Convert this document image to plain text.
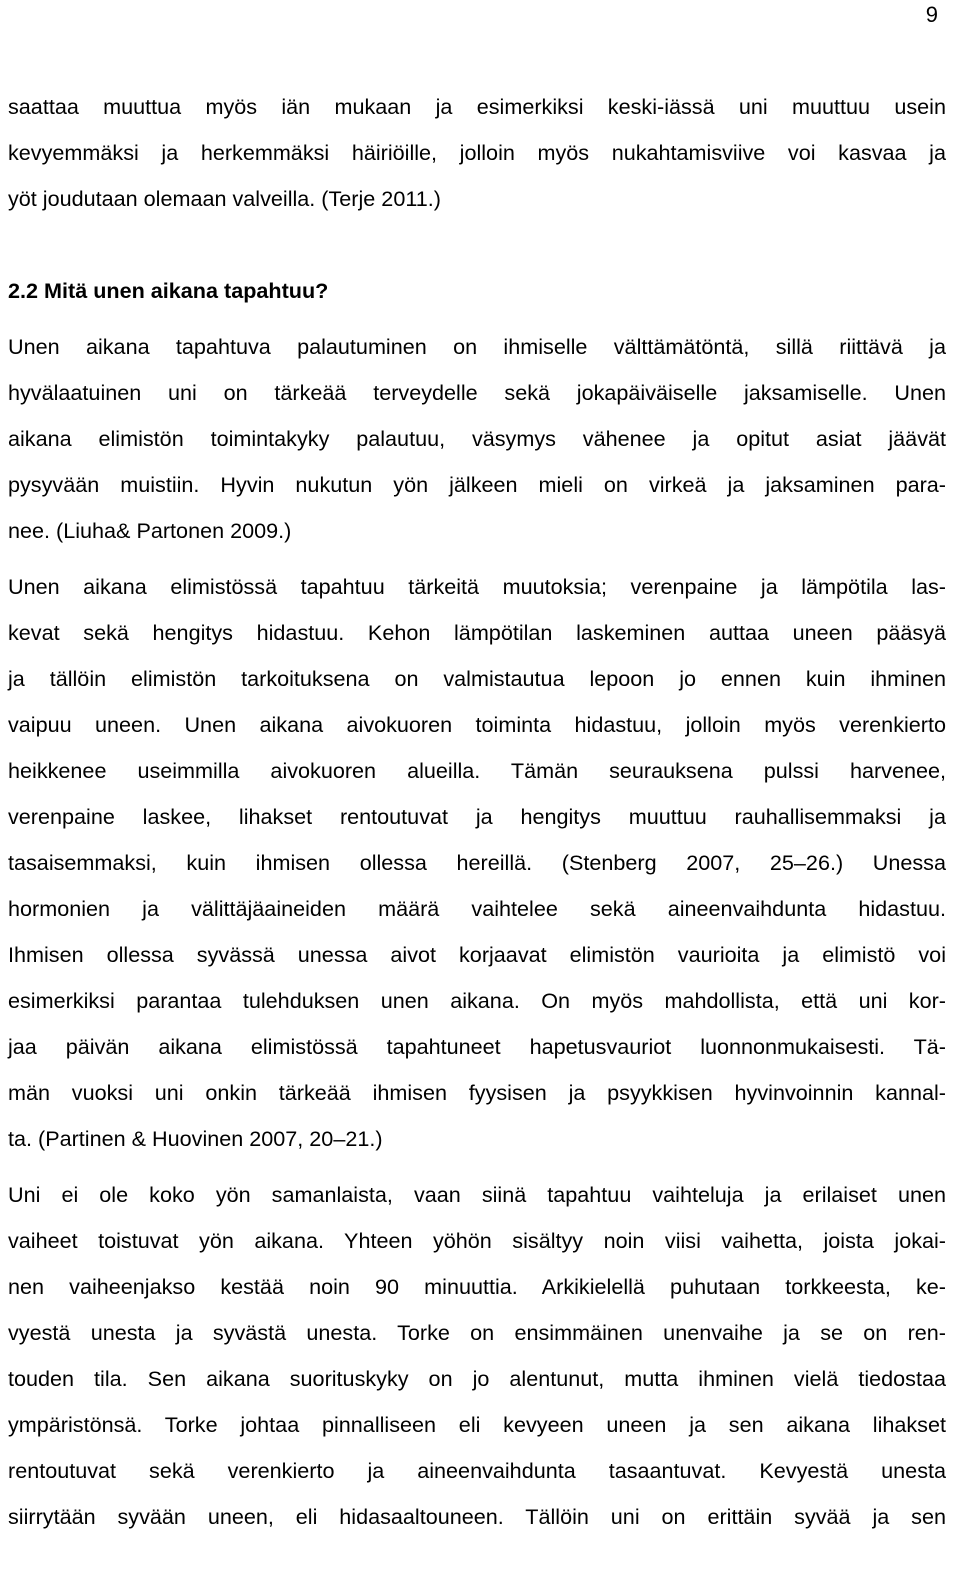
9
saattaa muuttua myös iän mukaan ja esimerkiksi keski-iässä uni muuttuu usein
kevyemmäksi ja herkemmäksi häiriöille, jolloin myös nukahtamisviive voi kasvaa ja
yöt joudutaan olemaan valveilla. (Terje 2011.)
2.2 Mitä unen aikana tapahtuu?
Unen aikana tapahtuva palautuminen on ihmiselle välttämätöntä, sillä riittävä ja
hyvälaatuinen uni on tärkeää terveydelle sekä jokapäiväiselle jaksamiselle. Unen
aikana elimistön toimintakyky palautuu, väsymys vähenee ja opitut asiat jäävät
pysyvään muistiin. Hyvin nukutun yön jälkeen mieli on virkeä ja jaksaminen para-
nee. (Liuha& Partonen 2009.)
Unen aikana elimistössä tapahtuu tärkeitä muutoksia; verenpaine ja lämpötila las-
kevat sekä hengitys hidastuu. Kehon lämpötilan laskeminen auttaa uneen pääsyä
ja tällöin elimistön tarkoituksena on valmistautua lepoon jo ennen kuin ihminen
vaipuu uneen. Unen aikana aivokuoren toiminta hidastuu, jolloin myös verenkierto
heikkenee useimmilla aivokuoren alueilla. Tämän seurauksena pulssi harvenee,
verenpaine laskee, lihakset rentoutuvat ja hengitys muuttuu rauhallisemmaksi ja
tasaisemmaksi, kuin ihmisen ollessa hereillä. (Stenberg 2007, 25–26.) Unessa
hormonien ja välittäjäaineiden määrä vaihtelee sekä aineenvaihdunta hidastuu.
Ihmisen ollessa syvässä unessa aivot korjaavat elimistön vaurioita ja elimistö voi
esimerkiksi parantaa tulehduksen unen aikana. On myös mahdollista, että uni kor-
jaa päivän aikana elimistössä tapahtuneet hapetusvauriot luonnonmukaisesti. Tä-
män vuoksi uni onkin tärkeää ihmisen fyysisen ja psyykkisen hyvinvoinnin kannal-
ta. (Partinen & Huovinen 2007, 20–21.)
Uni ei ole koko yön samanlaista, vaan siinä tapahtuu vaihteluja ja erilaiset unen
vaiheet toistuvat yön aikana. Yhteen yöhön sisältyy noin viisi vaihetta, joista jokai-
nen vaiheenjakso kestää noin 90 minuuttia. Arkikielellä puhutaan torkkeesta, ke-
vyestä unesta ja syvästä unesta. Torke on ensimmäinen unenvaihe ja se on ren-
touden tila. Sen aikana suorituskyky on jo alentunut, mutta ihminen vielä tiedostaa
ympäristönsä. Torke johtaa pinnalliseen eli kevyeen uneen ja sen aikana lihakset
rentoutuvat sekä verenkierto ja aineenvaihdunta tasaantuvat. Kevyestä unesta
siirrytään syvään uneen, eli hidasaaltouneen. Tällöin uni on erittäin syvää ja sen
